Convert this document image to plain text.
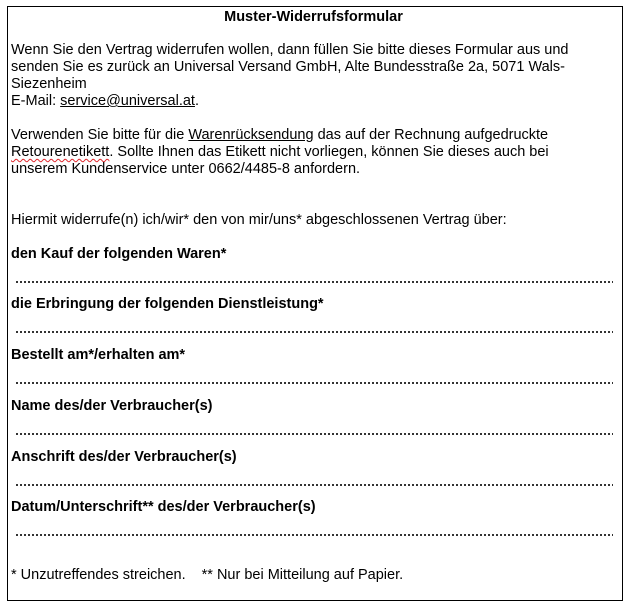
Muster-Widerrufsformular
Wenn Sie den Vertrag widerrufen wollen, dann füllen Sie bitte dieses Formular aus und
senden Sie es zurück an Universal Versand GmbH, Alte Bundesstraße 2a, 5071 Wals-
Siezenheim
E-Mail: service@universal.at.
Verwenden Sie bitte für die Warenrücksendung das auf der Rechnung aufgedruckte
Retourenetikett. Sollte Ihnen das Etikett nicht vorliegen, können Sie dieses auch bei
unserem Kundenservice unter 0662/4485-8 anfordern.
Hiermit widerrufe(n) ich/wir* den von mir/uns* abgeschlossenen Vertrag über:
den Kauf der folgenden Waren*
die Erbringung der folgenden Dienstleistung*
Bestellt am*/erhalten am*
Name des/der Verbraucher(s)
Anschrift des/der Verbraucher(s)
Datum/Unterschrift** des/der Verbraucher(s)
* Unzutreffendes streichen. ** Nur bei Mitteilung auf Papier.
